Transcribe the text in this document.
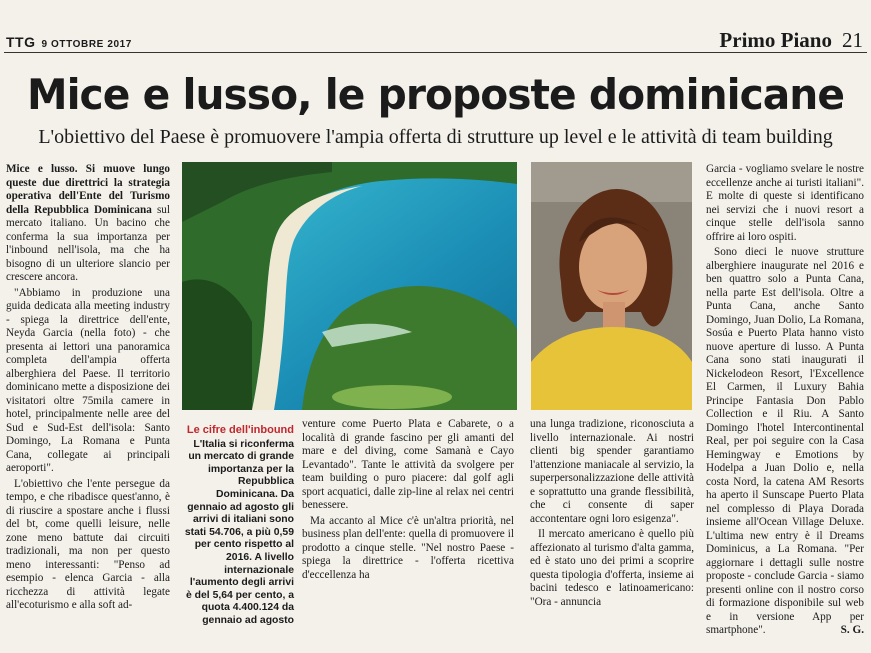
TTG 9 OTTOBRE 2017	Primo Piano 21
Mice e lusso, le proposte dominicane
L'obiettivo del Paese è promuovere l'ampia offerta di strutture up level e le attività di team building

Mice e lusso. Si muove lungo queste due direttrici la strategia operativa dell'Ente del Turismo della Repubblica Dominicana sul mercato italiano. Un bacino che conferma la sua importanza per l'inbound nell'isola, ma che ha bisogno di un ulteriore slancio per crescere ancora.

"Abbiamo in produzione una guida dedicata alla meeting industry - spiega la direttrice dell'ente, Neyda Garcia (nella foto) - che presenta ai lettori una panoramica completa dell'ampia offerta alberghiera del Paese. Il territorio dominicano mette a disposizione dei visitatori oltre 75mila camere in hotel, principalmente nelle aree del Sud e Sud-Est dell'isola: Santo Domingo, La Romana e Punta Cana, collegate ai principali aeroporti".

L'obiettivo che l'ente persegue da tempo, e che ribadisce quest'anno, è di riuscire a spostare anche i flussi del bt, come quelli leisure, nelle zone meno battute dai circuiti tradizionali, ma non per questo meno interessanti: "Penso ad esempio - elenca Garcia - alla ricchezza di attività legate all'ecoturismo e alla soft ad-

Le cifre dell'inbound
L'Italia si riconferma un mercato di grande importanza per la Repubblica Dominicana. Da gennaio ad agosto gli arrivi di italiani sono stati 54.706, a più 0,59 per cento rispetto al 2016. A livello internazionale l'aumento degli arrivi è del 5,64 per cento, a quota 4.400.124 da gennaio ad agosto

venture come Puerto Plata e Cabarete, o a località di grande fascino per gli amanti del mare e del diving, come Samanà e Cayo Levantado". Tante le attività da svolgere per team building o puro piacere: dal golf agli sport acquatici, dalle zip-line al relax nei centri benessere.

Ma accanto al Mice c'è un'altra priorità, nel business plan dell'ente: quella di promuovere il prodotto a cinque stelle. "Nel nostro Paese - spiega la direttrice - l'offerta ricettiva d'eccellenza ha

una lunga tradizione, riconosciuta a livello internazionale. Ai nostri clienti big spender garantiamo l'attenzione maniacale al servizio, la superpersonalizzazione delle attività e soprattutto una grande flessibilità, che ci consente di saper accontentare ogni loro esigenza".

Il mercato americano è quello più affezionato al turismo d'alta gamma, ed è stato uno dei primi a scoprire questa tipologia d'offerta, insieme ai bacini tedesco e latinoamericano: "Ora - annuncia

Garcia - vogliamo svelare le nostre eccellenze anche ai turisti italiani". E molte di queste si identificano nei servizi che i nuovi resort a cinque stelle dell'isola sanno offrire ai loro ospiti.

Sono dieci le nuove strutture alberghiere inaugurate nel 2016 e ben quattro solo a Punta Cana, nella parte Est dell'isola. Oltre a Punta Cana, anche Santo Domingo, Juan Dolio, La Romana, Sosúa e Puerto Plata hanno visto nuove aperture di lusso. A Punta Cana sono stati inaugurati il Nickelodeon Resort, l'Excellence El Carmen, il Luxury Bahia Principe Fantasia Don Pablo Collection e il Riu. A Santo Domingo l'hotel Intercontinental Real, per poi seguire con la Casa Hemingway e Emotions by Hodelpa a Juan Dolio e, nella costa Nord, la catena AM Resorts ha aperto il Sunscape Puerto Plata nel complesso di Playa Dorada insieme all'Ocean Village Deluxe. L'ultima new entry è il Dreams Dominicus, a La Romana. "Per aggiornare i dettagli sulle nostre proposte - conclude Garcia - siamo presenti online con il nostro corso di formazione disponibile sul web e in versione App per smartphone".	S. G.
